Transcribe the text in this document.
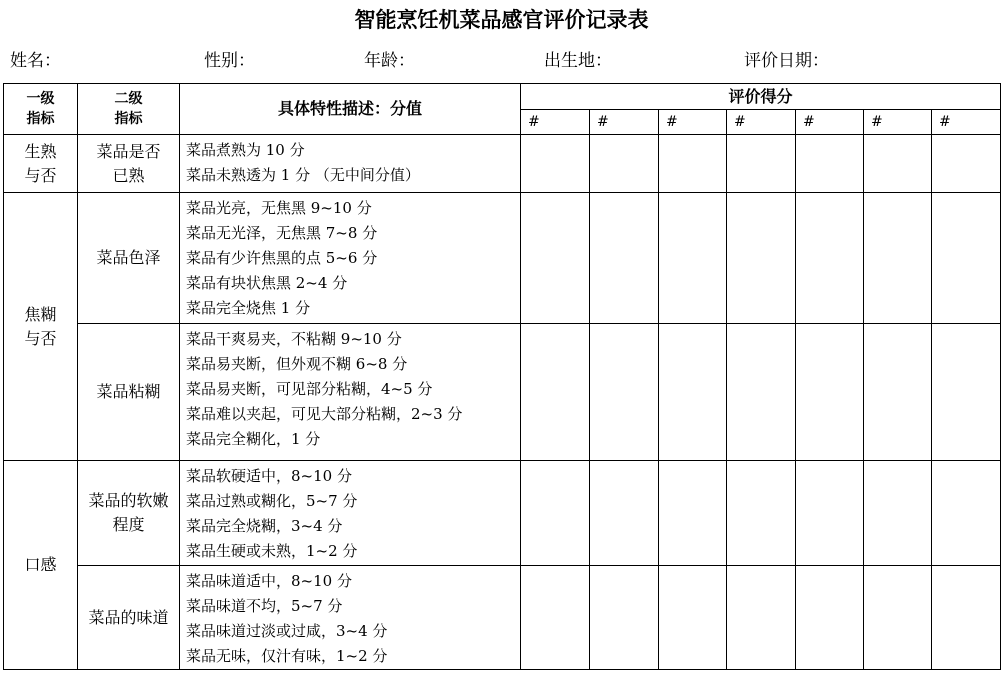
智能烹饪机菜品感官评价记录表
姓名：	性别：	年龄：	出生地：	评价日期：
一级指标	二级指标	具体特性描述：分值	评价得分						
			#	#	#	#	#	#	#

生熟与否	菜品是否已熟	菜品煮熟为 10 分
菜品未熟透为 1 分 （无中间分值）							

焦糊与否	菜品色泽	菜品光亮，无焦黑 9~10 分
菜品无光泽，无焦黑 7~8 分
菜品有少许焦黑的点 5~6 分
菜品有块状焦黑 2~4 分
菜品完全烧焦 1 分							

	菜品粘糊	菜品干爽易夹，不粘糊 9~10 分
菜品易夹断，但外观不糊 6~8 分
菜品易夹断，可见部分粘糊，4~5 分
菜品难以夹起，可见大部分粘糊，2~3 分
菜品完全糊化，1 分							

口感	菜品的软嫩程度	菜品软硬适中，8~10 分
菜品过熟或糊化，5~7 分
菜品完全烧糊，3~4 分
菜品生硬或未熟，1~2 分							

	菜品的味道	菜品味道适中，8~10 分
菜品味道不均，5~7 分
菜品味道过淡或过咸，3~4 分
菜品无味，仅汁有味，1~2 分							
